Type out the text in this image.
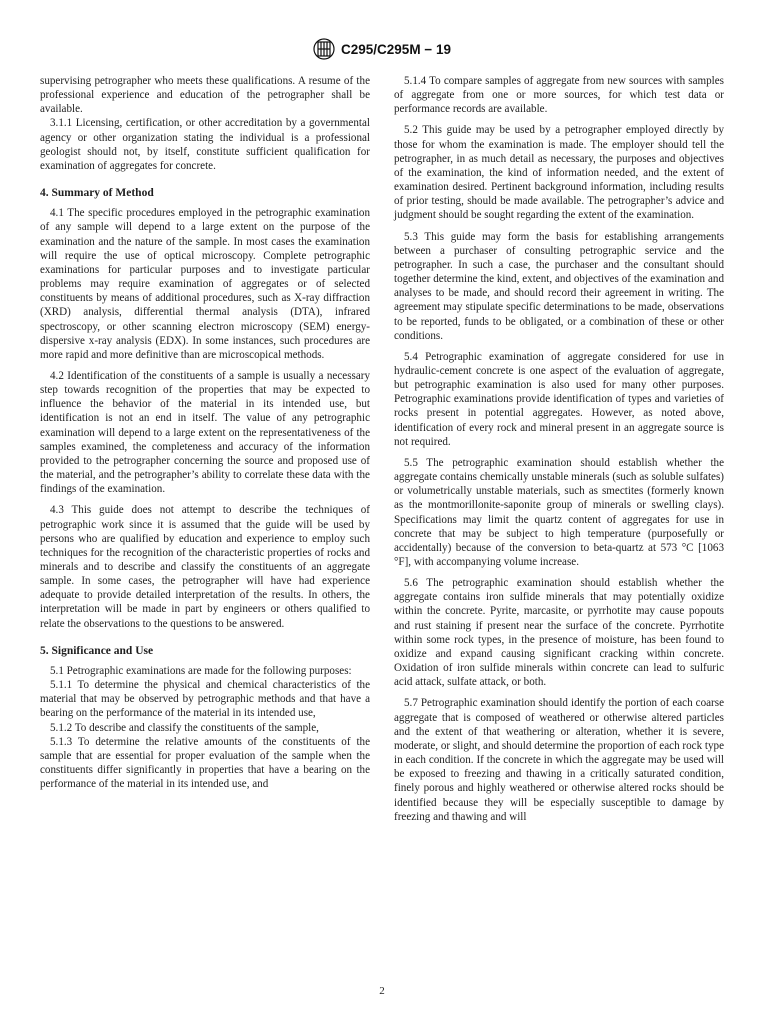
C295/C295M − 19

supervising petrographer who meets these qualifications. A resume of the professional experience and education of the petrographer shall be available.

3.1.1 Licensing, certification, or other accreditation by a governmental agency or other organization stating the individual is a professional geologist should not, by itself, constitute sufficient qualification for examination of aggregates for concrete.

4. Summary of Method

4.1 The specific procedures employed in the petrographic examination of any sample will depend to a large extent on the purpose of the examination and the nature of the sample. In most cases the examination will require the use of optical microscopy. Complete petrographic examinations for particular purposes and to investigate particular problems may require examination of aggregates or of selected constituents by means of additional procedures, such as X-ray diffraction (XRD) analysis, differential thermal analysis (DTA), infrared spectroscopy, or other scanning electron microscopy (SEM) energy-dispersive x-ray analysis (EDX). In some instances, such procedures are more rapid and more definitive than are microscopical methods.

4.2 Identification of the constituents of a sample is usually a necessary step towards recognition of the properties that may be expected to influence the behavior of the material in its intended use, but identification is not an end in itself. The value of any petrographic examination will depend to a large extent on the representativeness of the samples examined, the completeness and accuracy of the information provided to the petrographer concerning the source and proposed use of the material, and the petrographer’s ability to correlate these data with the findings of the examination.

4.3 This guide does not attempt to describe the techniques of petrographic work since it is assumed that the guide will be used by persons who are qualified by education and experience to employ such techniques for the recognition of the characteristic properties of rocks and minerals and to describe and classify the constituents of an aggregate sample. In some cases, the petrographer will have had experience adequate to provide detailed interpretation of the results. In others, the interpretation will be made in part by engineers or others qualified to relate the observations to the questions to be answered.

5. Significance and Use

5.1 Petrographic examinations are made for the following purposes:

5.1.1 To determine the physical and chemical characteristics of the material that may be observed by petrographic methods and that have a bearing on the performance of the material in its intended use,

5.1.2 To describe and classify the constituents of the sample,

5.1.3 To determine the relative amounts of the constituents of the sample that are essential for proper evaluation of the sample when the constituents differ significantly in properties that have a bearing on the performance of the material in its intended use, and

5.1.4 To compare samples of aggregate from new sources with samples of aggregate from one or more sources, for which test data or performance records are available.

5.2 This guide may be used by a petrographer employed directly by those for whom the examination is made. The employer should tell the petrographer, in as much detail as necessary, the purposes and objectives of the examination, the kind of information needed, and the extent of examination desired. Pertinent background information, including results of prior testing, should be made available. The petrographer’s advice and judgment should be sought regarding the extent of the examination.

5.3 This guide may form the basis for establishing arrangements between a purchaser of consulting petrographic service and the petrographer. In such a case, the purchaser and the consultant should together determine the kind, extent, and objectives of the examination and analyses to be made, and should record their agreement in writing. The agreement may stipulate specific determinations to be made, observations to be reported, funds to be obligated, or a combination of these or other conditions.

5.4 Petrographic examination of aggregate considered for use in hydraulic-cement concrete is one aspect of the evaluation of aggregate, but petrographic examination is also used for many other purposes. Petrographic examinations provide identification of types and varieties of rocks present in potential aggregates. However, as noted above, identification of every rock and mineral present in an aggregate source is not required.

5.5 The petrographic examination should establish whether the aggregate contains chemically unstable minerals (such as soluble sulfates) or volumetrically unstable materials, such as smectites (formerly known as the montmorillonite-saponite group of minerals or swelling clays). Specifications may limit the quartz content of aggregates for use in concrete that may be subject to high temperature (purposefully or accidentally) because of the conversion to beta-quartz at 573 °C [1063 °F], with accompanying volume increase.

5.6 The petrographic examination should establish whether the aggregate contains iron sulfide minerals that may potentially oxidize within the concrete. Pyrite, marcasite, or pyrrhotite may cause popouts and rust staining if present near the surface of the concrete. Pyrrhotite within some rock types, in the presence of moisture, has been found to oxidize and expand causing significant cracking within concrete. Oxidation of iron sulfide minerals within concrete can lead to sulfuric acid attack, sulfate attack, or both.

5.7 Petrographic examination should identify the portion of each coarse aggregate that is composed of weathered or otherwise altered particles and the extent of that weathering or alteration, whether it is severe, moderate, or slight, and should determine the proportion of each rock type in each condition. If the concrete in which the aggregate may be used will be exposed to freezing and thawing in a critically saturated condition, finely porous and highly weathered or otherwise altered rocks should be identified because they will be especially susceptible to damage by freezing and thawing and will

2
